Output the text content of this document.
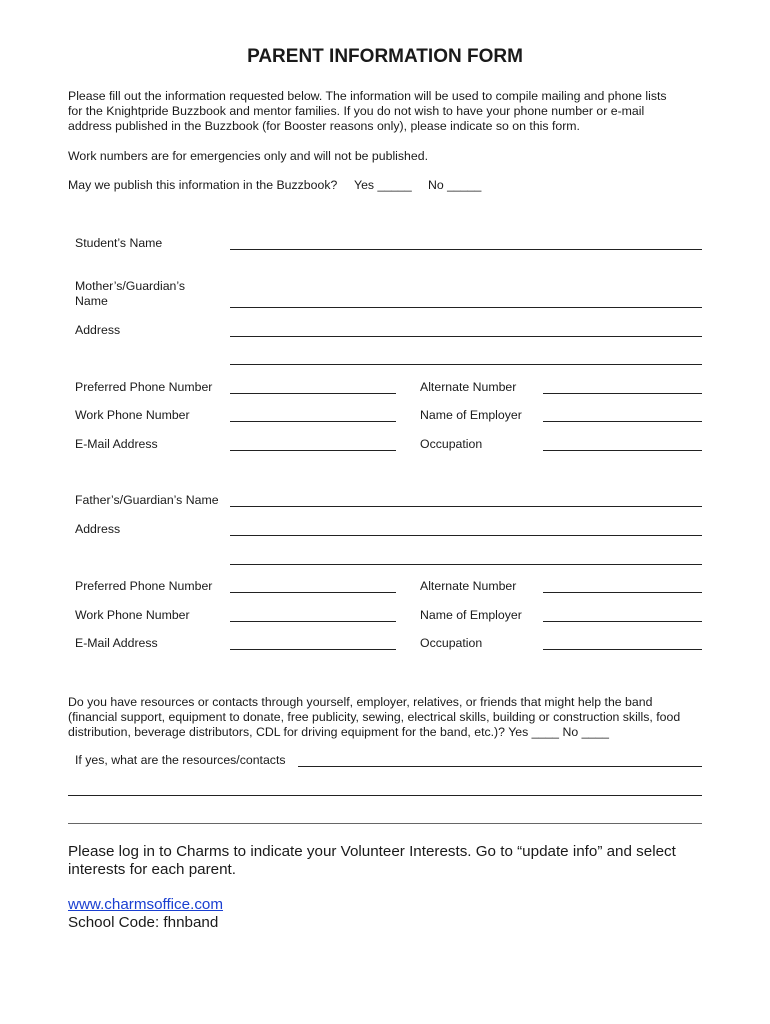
PARENT INFORMATION FORM
Please fill out the information requested below. The information will be used to compile mailing and phone lists
for the Knightpride Buzzbook and mentor families. If you do not wish to have your phone number or e-mail
address published in the Buzzbook (for Booster reasons only), please indicate so on this form.
Work numbers are for emergencies only and will not be published.
May we publish this information in the Buzzbook? Yes _____ No _____
Student’s Name
Mother’s/Guardian’s
Name
Address
Preferred Phone Number	Alternate Number
Work Phone Number	Name of Employer
E-Mail Address	Occupation
Father’s/Guardian’s Name
Address
Preferred Phone Number	Alternate Number
Work Phone Number	Name of Employer
E-Mail Address	Occupation
Do you have resources or contacts through yourself, employer, relatives, or friends that might help the band
(financial support, equipment to donate, free publicity, sewing, electrical skills, building or construction skills, food
distribution, beverage distributors, CDL for driving equipment for the band, etc.)? Yes ____ No ____
If yes, what are the resources/contacts
Please log in to Charms to indicate your Volunteer Interests. Go to “update info” and select
interests for each parent.
www.charmsoffice.com
School Code: fhnband
